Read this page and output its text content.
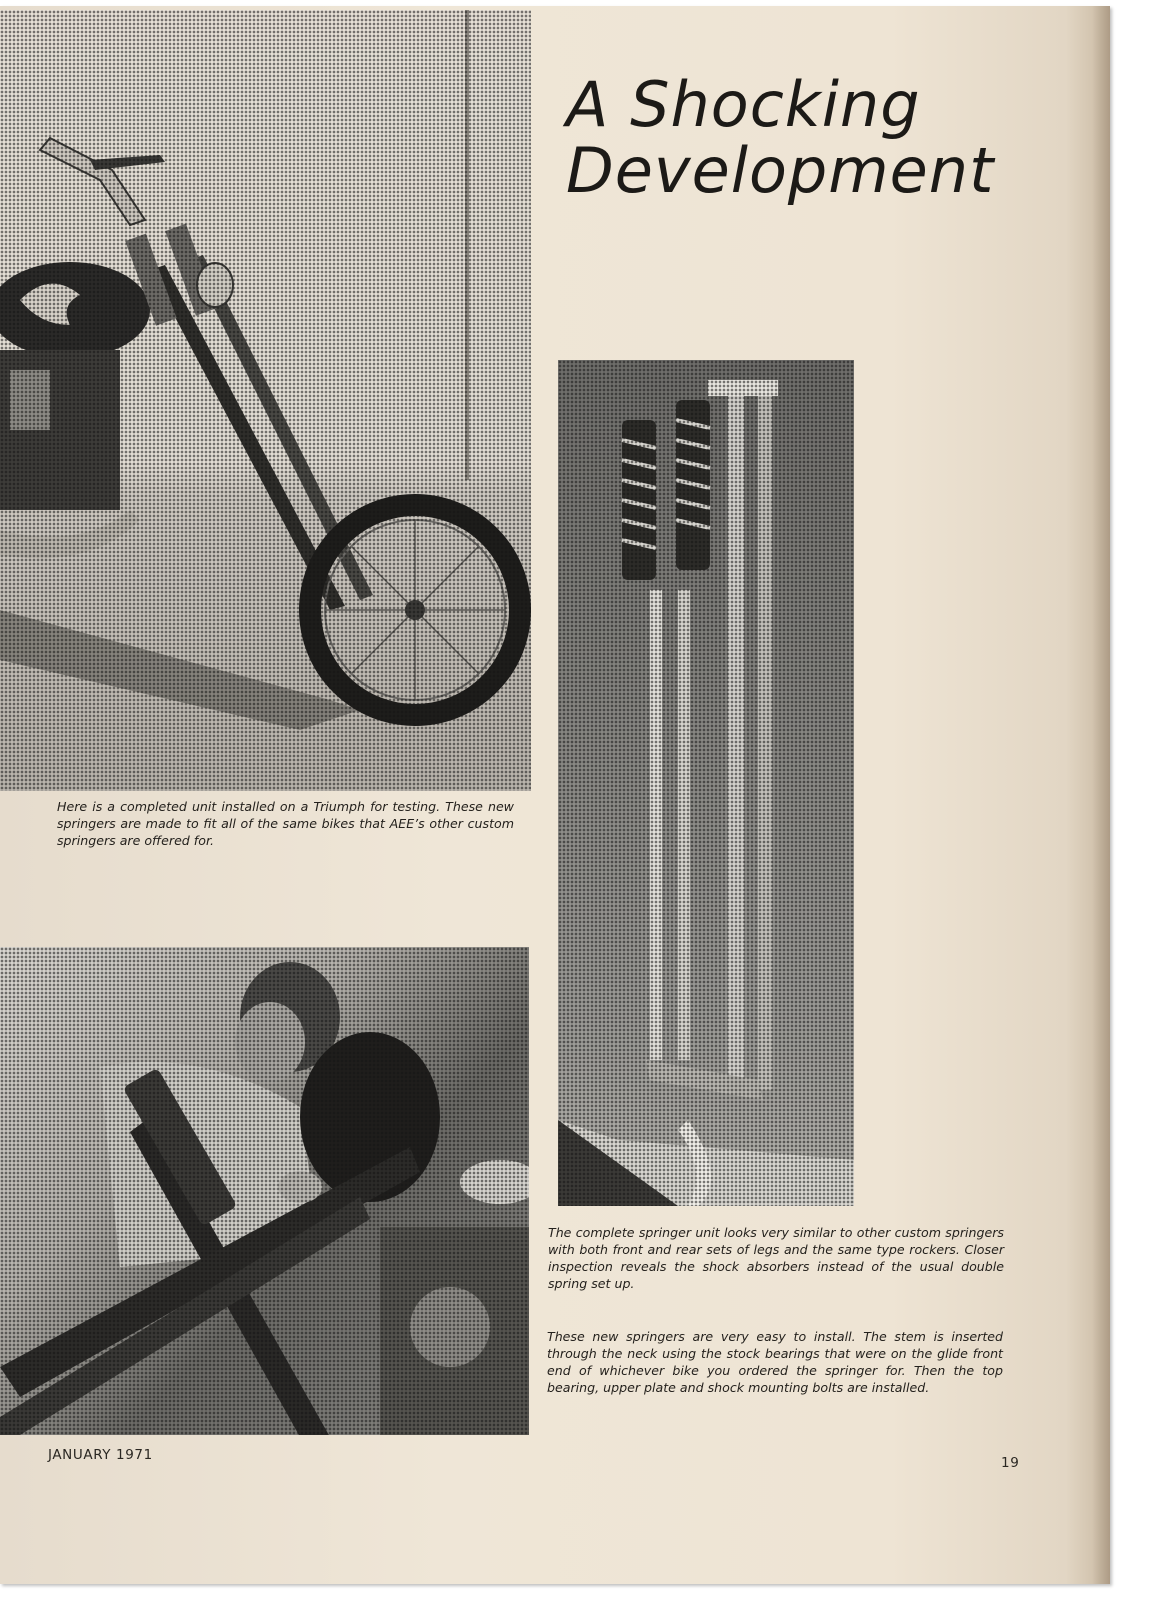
A Shocking
Development

Here is a completed unit installed on a Triumph for testing. These new springers are made to fit all of the same bikes that AEE’s other custom springers are offered for.

The complete springer unit looks very similar to other custom springers with both front and rear sets of legs and the same type rockers. Closer inspection reveals the shock absorbers instead of the usual double spring set up.

These new springers are very easy to install. The stem is inserted through the neck using the stock bearings that were on the glide front end of whichever bike you ordered the springer for. Then the top bearing, upper plate and shock mounting bolts are installed.

JANUARY 1971	19
